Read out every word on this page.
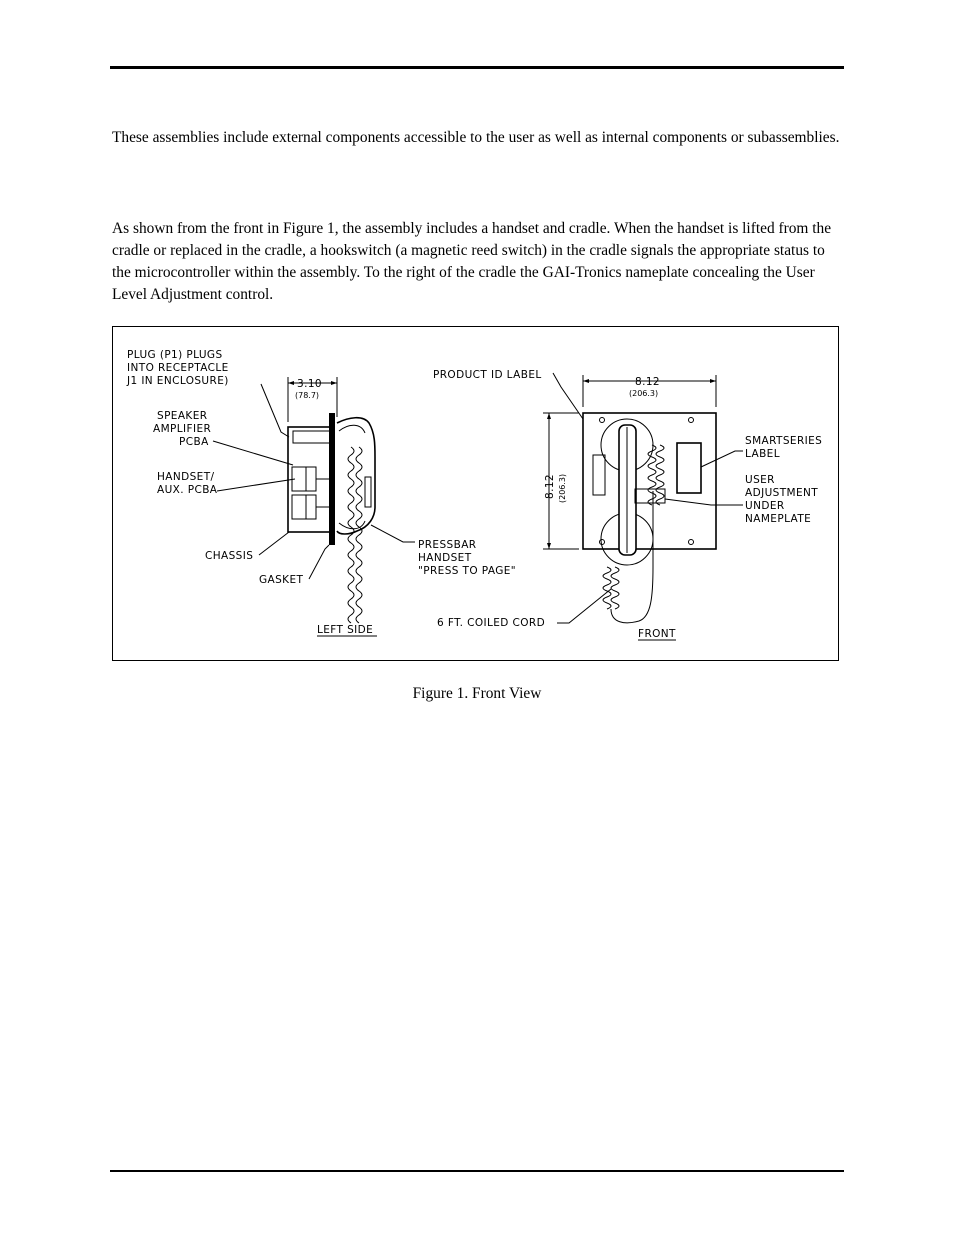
These assemblies include external components accessible to the user as well as internal components or subassemblies.

As shown from the front in Figure 1, the assembly includes a handset and cradle. When the handset is lifted from the cradle or replaced in the cradle, a hookswitch (a magnetic reed switch) in the cradle signals the appropriate status to the microcontroller within the assembly. To the right of the cradle the GAI-Tronics nameplate concealing the User Level Adjustment control.

PLUG (P1) PLUGS
INTO RECEPTACLE
J1 IN ENCLOSURE)
SPEAKER
AMPLIFIER
PCBA
HANDSET/
AUX. PCBA
CHASSIS
GASKET
PRESSBAR
HANDSET
"PRESS TO PAGE"
LEFT SIDE
3.10
(78.7)
PRODUCT ID LABEL
8.12
(206.3)
8.12 (206.3)
SMARTSERIES
LABEL
USER
ADJUSTMENT
UNDER
NAMEPLATE
6 FT. COILED CORD
FRONT

Figure 1. Front View
